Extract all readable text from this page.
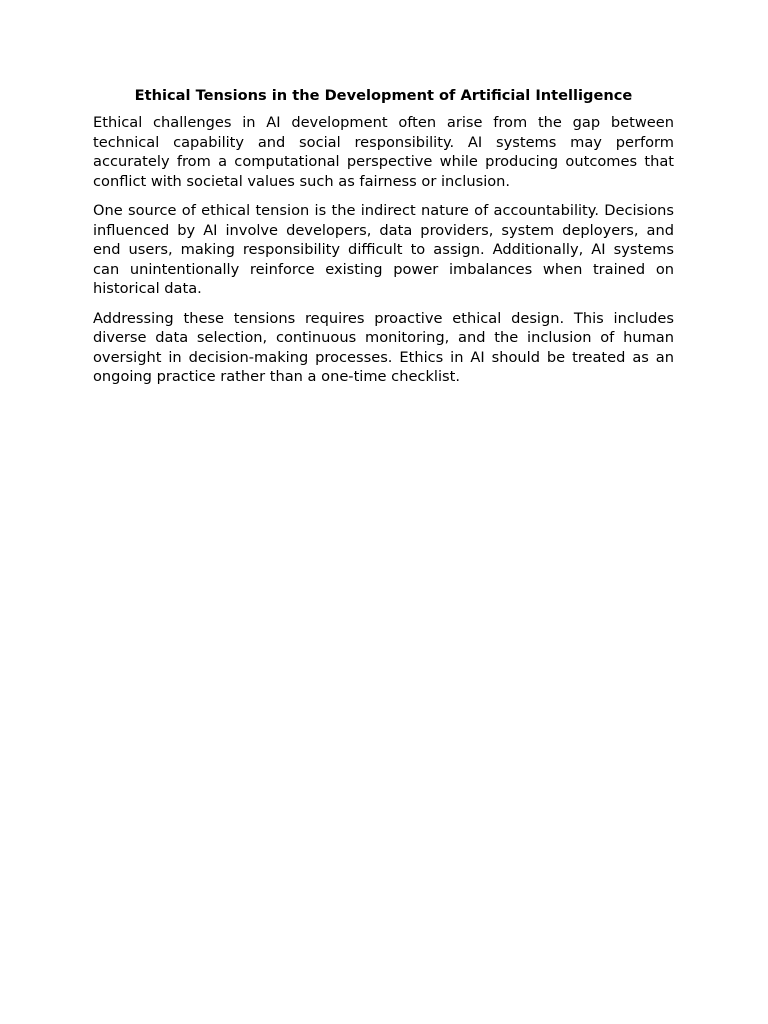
Ethical Tensions in the Development of Artificial Intelligence

Ethical challenges in AI development often arise from the gap between technical capability and social responsibility. AI systems may perform accurately from a computational perspective while producing outcomes that conflict with societal values such as fairness or inclusion.

One source of ethical tension is the indirect nature of accountability. Decisions influenced by AI involve developers, data providers, system deployers, and end users, making responsibility difficult to assign. Additionally, AI systems can unintentionally reinforce existing power imbalances when trained on historical data.

Addressing these tensions requires proactive ethical design. This includes diverse data selection, continuous monitoring, and the inclusion of human oversight in decision-making processes. Ethics in AI should be treated as an ongoing practice rather than a one-time checklist.
